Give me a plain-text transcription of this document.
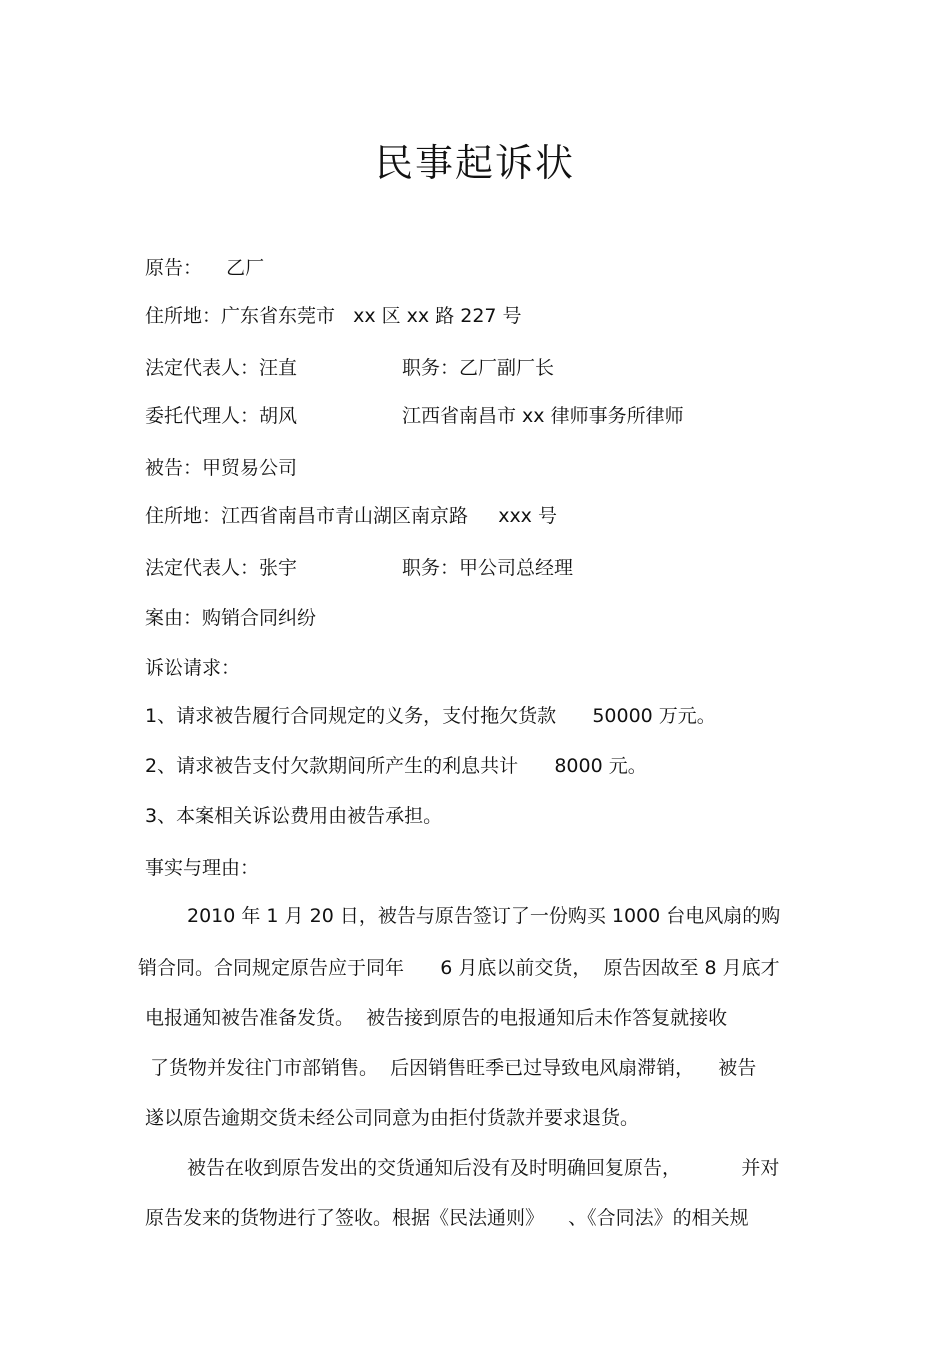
民事起诉状
原告：    乙厂
住所地：广东省东莞市   xx 区 xx 路 227 号
法定代表人：汪直	职务：乙厂副厂长
委托代理人：胡风	江西省南昌市 xx 律师事务所律师
被告：甲贸易公司
住所地：江西省南昌市青山湖区南京路     xxx 号
法定代表人：张宇	职务：甲公司总经理
案由：购销合同纠纷
诉讼请求：
1、请求被告履行合同规定的义务，支付拖欠货款      50000 万元。
2、请求被告支付欠款期间所产生的利息共计      8000 元。
3、本案相关诉讼费用由被告承担。
事实与理由：
2010 年 1 月 20 日，被告与原告签订了一份购买 1000 台电风扇的购
销合同。合同规定原告应于同年      6 月底以前交货，  原告因故至 8 月底才
电报通知被告准备发货。  被告接到原告的电报通知后未作答复就接收
了货物并发往门市部销售。  后因销售旺季已过导致电风扇滞销，    被告
遂以原告逾期交货未经公司同意为由拒付货款并要求退货。
被告在收到原告发出的交货通知后没有及时明确回复原告，          并对
原告发来的货物进行了签收。根据《民法通则》    、《合同法》的相关规
